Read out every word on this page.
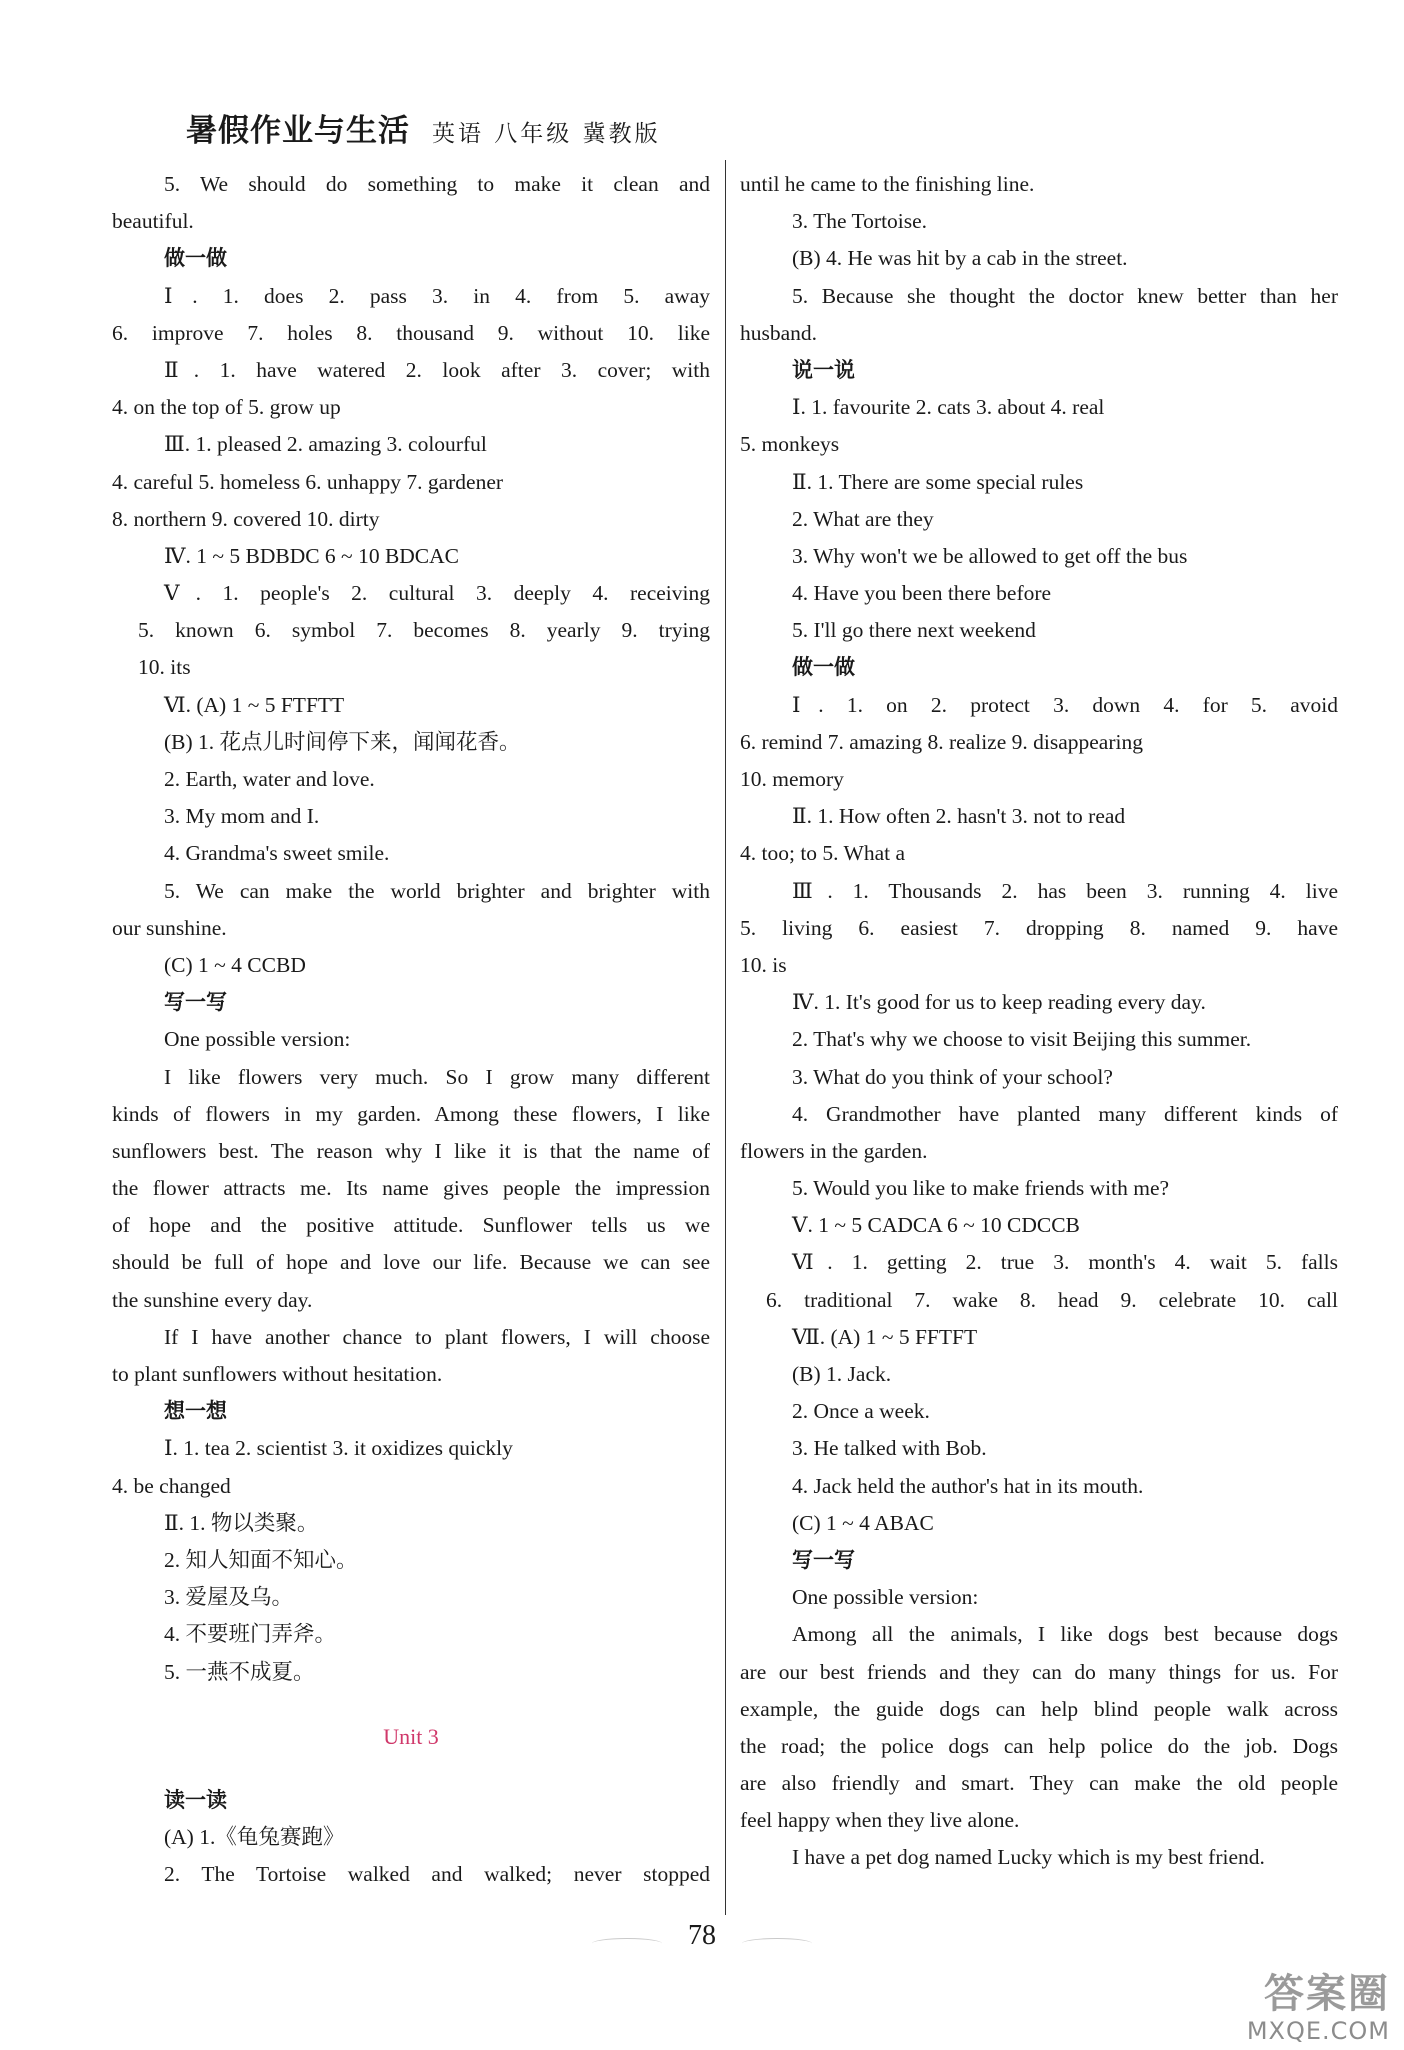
暑假作业与生活 英语 八年级 冀教版
5. We should do something to make it clean and
beautiful.
做一做
Ⅰ. 1. does 2. pass 3. in 4. from 5. away
6. improve 7. holes 8. thousand 9. without 10. like
Ⅱ. 1. have watered 2. look after 3. cover; with
4. on the top of 5. grow up
Ⅲ. 1. pleased 2. amazing 3. colourful
4. careful 5. homeless 6. unhappy 7. gardener
8. northern 9. covered 10. dirty
Ⅳ. 1 ~ 5 BDBDC 6 ~ 10 BDCAC
Ⅴ. 1. people's 2. cultural 3. deeply 4. receiving
5. known 6. symbol 7. becomes 8. yearly 9. trying
10. its
Ⅵ. (A) 1 ~ 5 FTFTT
(B) 1. 花点儿时间停下来，闻闻花香。
2. Earth, water and love.
3. My mom and I.
4. Grandma's sweet smile.
5. We can make the world brighter and brighter with
our sunshine.
(C) 1 ~ 4 CCBD
写一写
One possible version:
I like flowers very much. So I grow many different
kinds of flowers in my garden. Among these flowers, I like
sunflowers best. The reason why I like it is that the name of
the flower attracts me. Its name gives people the impression
of hope and the positive attitude. Sunflower tells us we
should be full of hope and love our life. Because we can see
the sunshine every day.
If I have another chance to plant flowers, I will choose
to plant sunflowers without hesitation.
想一想
Ⅰ. 1. tea 2. scientist 3. it oxidizes quickly
4. be changed
Ⅱ. 1. 物以类聚。
2. 知人知面不知心。
3. 爱屋及乌。
4. 不要班门弄斧。
5. 一燕不成夏。
Unit 3
读一读
(A) 1.《龟兔赛跑》
2. The Tortoise walked and walked; never stopped
until he came to the finishing line.
3. The Tortoise.
(B) 4. He was hit by a cab in the street.
5. Because she thought the doctor knew better than her
husband.
说一说
Ⅰ. 1. favourite 2. cats 3. about 4. real
5. monkeys
Ⅱ. 1. There are some special rules
2. What are they
3. Why won't we be allowed to get off the bus
4. Have you been there before
5. I'll go there next weekend
做一做
Ⅰ. 1. on 2. protect 3. down 4. for 5. avoid
6. remind 7. amazing 8. realize 9. disappearing
10. memory
Ⅱ. 1. How often 2. hasn't 3. not to read
4. too; to 5. What a
Ⅲ. 1. Thousands 2. has been 3. running 4. live
5. living 6. easiest 7. dropping 8. named 9. have
10. is
Ⅳ. 1. It's good for us to keep reading every day.
2. That's why we choose to visit Beijing this summer.
3. What do you think of your school?
4. Grandmother have planted many different kinds of
flowers in the garden.
5. Would you like to make friends with me?
Ⅴ. 1 ~ 5 CADCA 6 ~ 10 CDCCB
Ⅵ. 1. getting 2. true 3. month's 4. wait 5. falls
6. traditional 7. wake 8. head 9. celebrate 10. call
Ⅶ. (A) 1 ~ 5 FFTFT
(B) 1. Jack.
2. Once a week.
3. He talked with Bob.
4. Jack held the author's hat in its mouth.
(C) 1 ~ 4 ABAC
写一写
One possible version:
Among all the animals, I like dogs best because dogs
are our best friends and they can do many things for us. For
example, the guide dogs can help blind people walk across
the road; the police dogs can help police do the job. Dogs
are also friendly and smart. They can make the old people
feel happy when they live alone.
I have a pet dog named Lucky which is my best friend.
78
答案圈
MXQE.COM
